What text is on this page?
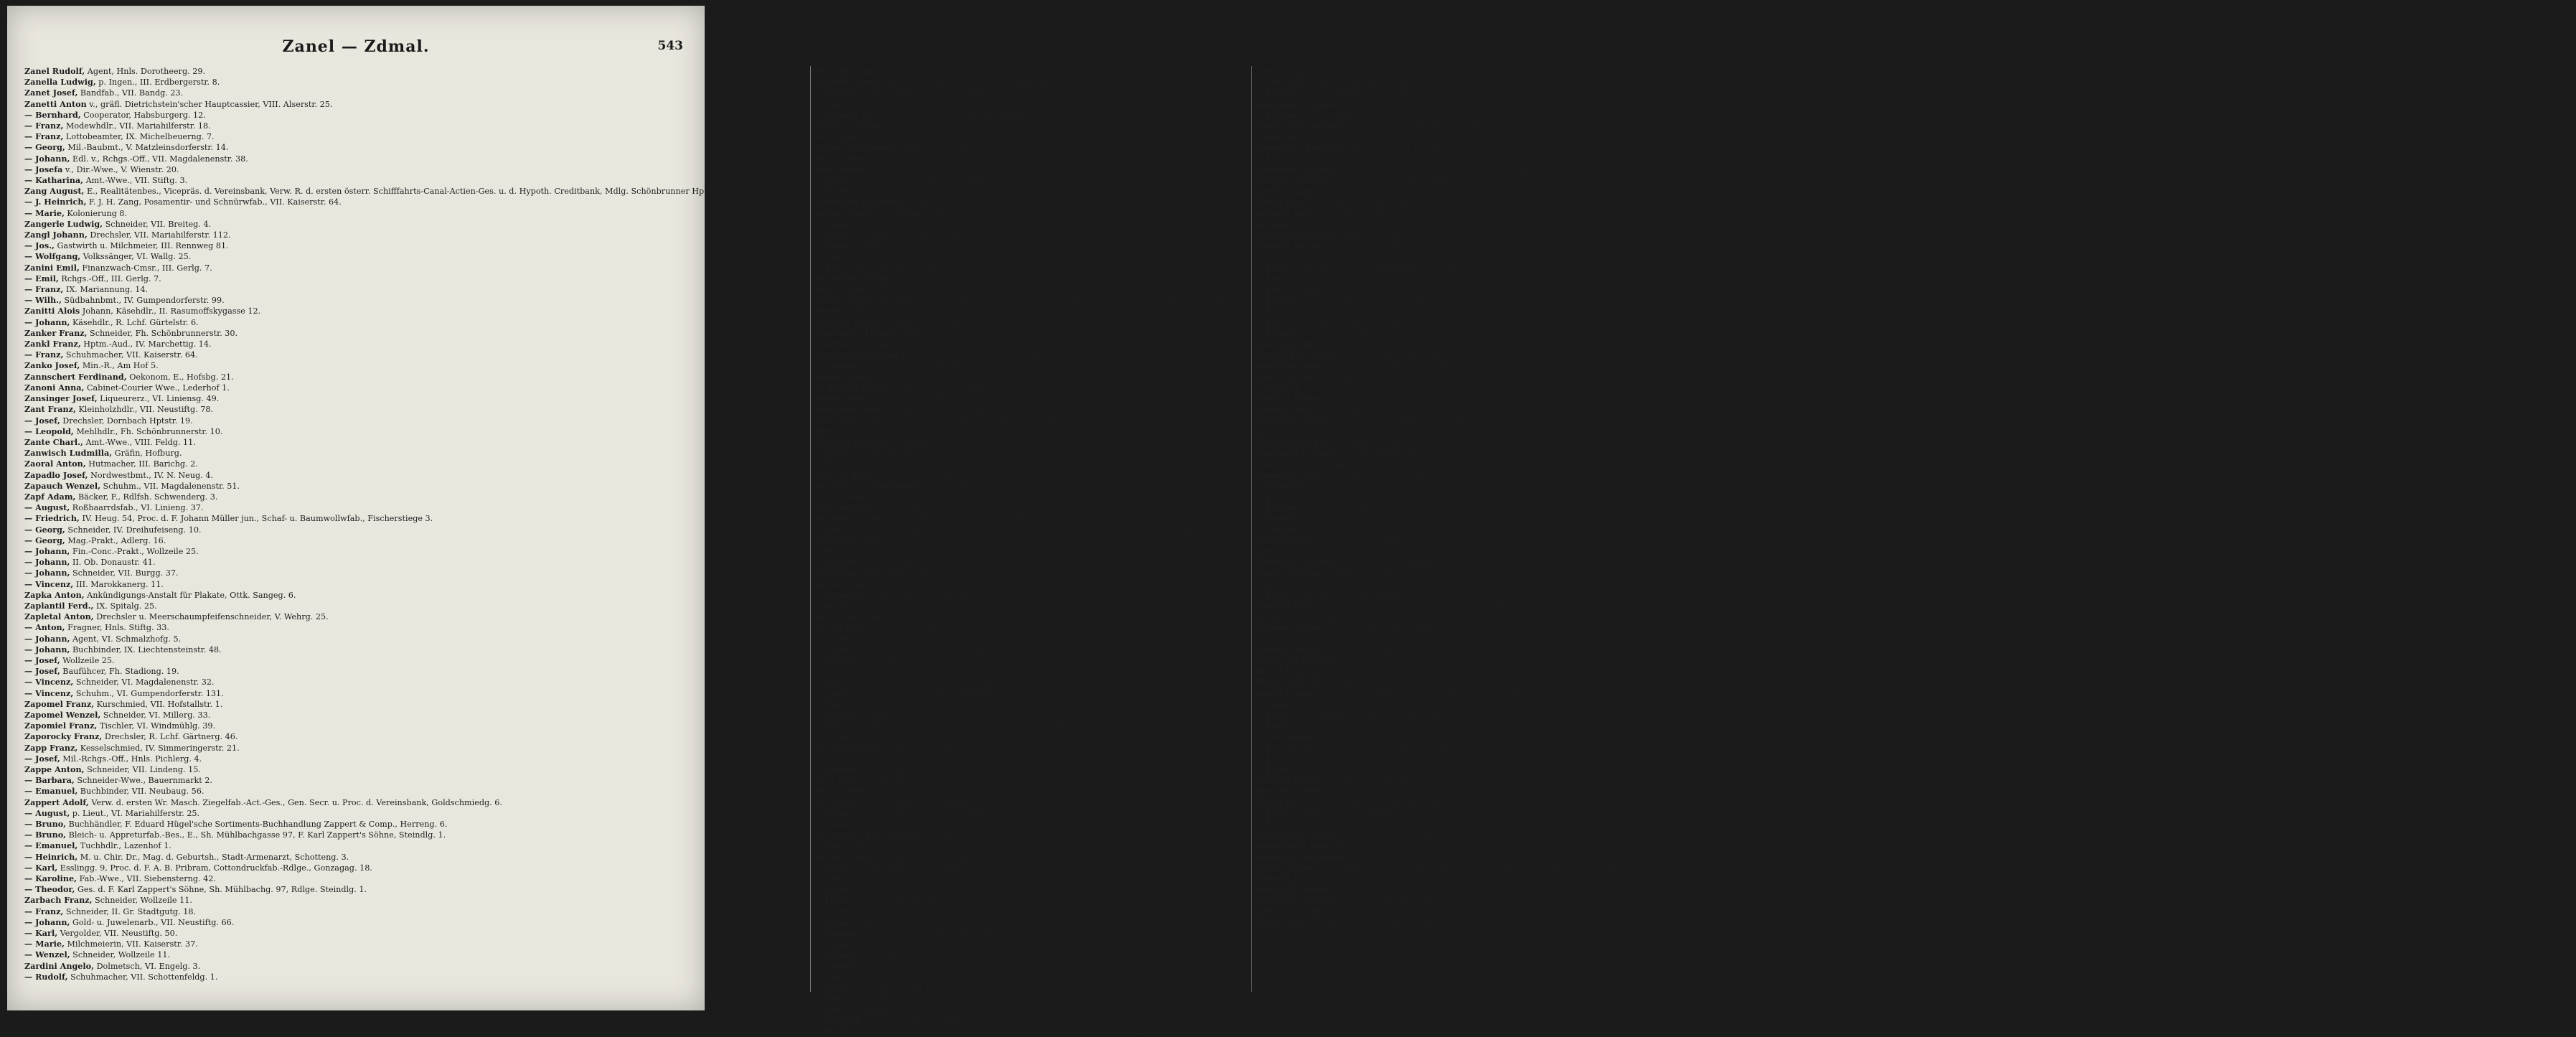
Zanel — Zdmal.	543
Zanel Rudolf, Agent, Hnls. Dorotheerg. 29.
Zanella Ludwig, p. Ingen., III. Erdbergerstr. 8.
Zanet Josef, Bandfab., VII. Bandg. 23.
Zanetti Anton v., gräfl. Dietrichstein'scher Hauptcassier, VIII. Alserstr. 25.
— Bernhard, Cooperator, Habsburgerg. 12.
— Franz, Modewhdlr., VII. Mariahilferstr. 18.
— Franz, Lottobeamter, IX. Michelbeuerng. 7.
— Georg, Mil.-Baubmt., V. Matzleinsdorferstr. 14.
— Johann, Edl. v., Rchgs.-Off., VII. Magdalenenstr. 38.
— Josefa v., Dir.-Wwe., V. Wienstr. 20.
— Katharina, Amt.-Wwe., VII. Stiftg. 3.
Zang August, E., Realitätenbes., Vicepräs. d. Vereinsbank, Verw. R. d. ersten österr. Schifffahrts-Canal-Actien-Ges. u. d. Hypoth. Creditbank, Mdlg. Schönbrunner Hptstr. 116 u. Johannesg. 7.
— J. Heinrich, F. J. H. Zang, Posamentir- und Schnürwfab., VII. Kaiserstr. 64.
— Marie, Kolonierung 8.
Zangerle Ludwig, Schneider, VII. Breiteg. 4.
Zangl Johann, Drechsler, VII. Mariahilferstr. 112.
— Jos., Gastwirth u. Milchmeier, III. Rennweg 81.
— Wolfgang, Volkssänger, VI. Wallg. 25.
Zanini Emil, Finanzwach-Cmsr., III. Gerlg. 7.
— Emil, Rchgs.-Off., III. Gerlg. 7.
— Franz, IX. Mariannung. 14.
— Wilh., Südbahnbmt., IV. Gumpendorferstr. 99.
Zanitti Alois Johann, Käsehdlr., II. Rasumoffskygasse 12.
— Johann, Käsehdlr., R. Lchf. Gürtelstr. 6.
Zanker Franz, Schneider, Fh. Schönbrunnerstr. 30.
Zankl Franz, Hptm.-Aud., IV. Marchettig. 14.
— Franz, Schuhmacher, VII. Kaiserstr. 64.
Zanko Josef, Min.-R., Am Hof 5.
Zannschert Ferdinand, Oekonom, E., Hofsbg. 21.
Zanoni Anna, Cabinet-Courier Wwe., Lederhof 1.
Zansinger Josef, Liqueurerz., VI. Liniensg. 49.
Zant Franz, Kleinholzhdlr., VII. Neustiftg. 78.
— Josef, Drechsler, Dornbach Hptstr. 19.
— Leopold, Mehlhdlr., Fh. Schönbrunnerstr. 10.
Zante Charl., Amt.-Wwe., VIII. Feldg. 11.
Zanwisch Ludmilla, Gräfin, Hofburg.
Zaoral Anton, Hutmacher, III. Barichg. 2.
Zapadlo Josef, Nordwestbmt., IV. N. Neug. 4.
Zapauch Wenzel, Schuhm., VII. Magdalenenstr. 51.
Zapf Adam, Bäcker, F., Rdlfsh. Schwenderg. 3.
— August, Roßhaarrdsfab., VI. Linieng. 37.
— Friedrich, IV. Heug. 54, Proc. d. F. Johann Müller jun., Schaf- u. Baumwollwfab., Fischerstiege 3.
— Georg, Schneider, IV. Dreihufeiseng. 10.
— Georg, Mag.-Prakt., Adlerg. 16.
— Johann, Fin.-Conc.-Prakt., Wollzeile 25.
— Johann, II. Ob. Donaustr. 41.
— Johann, Schneider, VII. Burgg. 37.
— Vincenz, III. Marokkanerg. 11.
Zapka Anton, Ankündigungs-Anstalt für Plakate, Ottk. Sangeg. 6.
Zaplantil Ferd., IX. Spitalg. 25.
Zapletal Anton, Drechsler u. Meerschaumpfeifenschneider, V. Wehrg. 25.
— Anton, Fragner, Hnls. Stiftg. 33.
— Johann, Agent, VI. Schmalzhofg. 5.
— Johann, Buchbinder, IX. Liechtensteinstr. 48.
— Josef, Wollzeile 25.
— Josef, Baufühcer, Fh. Stadiong. 19.
— Vincenz, Schneider, VI. Magdalenenstr. 32.
— Vincenz, Schuhm., VI. Gumpendorferstr. 131.
Zapomel Franz, Kurschmied, VII. Hofstallstr. 1.
Zapomel Wenzel, Schneider, VI. Millerg. 33.
Zapomiel Franz, Tischler, VI. Windmühlg. 39.
Zaporocky Franz, Drechsler, R. Lchf. Gärtnerg. 46.
Zapp Franz, Kesselschmied, IV. Simmeringerstr. 21.
— Josef, Mil.-Rchgs.-Off., Hnls. Pichlerg. 4.
Zappe Anton, Schneider, VII. Lindeng. 15.
— Barbara, Schneider-Wwe., Bauernmarkt 2.
— Emanuel, Buchbinder, VII. Neubaug. 56.
Zappert Adolf, Verw. d. ersten Wr. Masch. Ziegelfab.-Act.-Ges., Gen. Secr. u. Proc. d. Vereinsbank, Goldschmiedg. 6.
— August, p. Lieut., VI. Mariahilferstr. 25.
— Bruno, Buchhändler, F. Eduard Hügel'sche Sortiments-Buchhandlung Zappert & Comp., Herreng. 6.
— Bruno, Bleich- u. Appreturfab.-Bes., E., Sh. Mühlbachgasse 97, F. Karl Zappert's Söhne, Steindlg. 1.
— Emanuel, Tuchhdlr., Lazenhof 1.
— Heinrich, M. u. Chir. Dr., Mag. d. Geburtsh., Stadt-Armenarzt, Schotteng. 3.
— Karl, Esslingg. 9, Proc. d. F. A. B. Pribram, Cottondruckfab.-Rdlge., Gonzagag. 18.
— Karoline, Fab.-Wwe., VII. Siebensterng. 42.
— Theodor, Ges. d. F. Karl Zappert's Söhne, Sh. Mühlbachg. 97, Rdlge. Steindlg. 1.
Zarbach Franz, Schneider, Wollzeile 11.
— Franz, Schneider, II. Gr. Stadtgutg. 18.
— Johann, Gold- u. Juwelenarb., VII. Neustiftg. 66.
— Karl, Vergolder, VII. Neustiftg. 50.
— Marie, Milchmeierin, VII. Kaiserstr. 37.
— Wenzel, Schneider, Wollzeile 11.
Zardini Angelo, Dolmetsch, VI. Engelg. 3.
— Rudolf, Schuhmacher, VII. Schottenfeldg. 1.
Zarecky Franz, Kurzwhdlr., V. Ziegelofeng. 22.
Zaremba Anna, Edle v., Fin.-Secr.-Wwe., VII. Kirchbergg. 4.
— August, Kupferschmied, E., VI. Aegidig. 8.
— Joh., Baron, Legat.-R., VI. Kärntnerstr. 37.
— Johann, Rit. v., Lottoamts-Assist., VII. Kirchbergg. 4.
Zaritsch Stefan, Fleischselcher, Sh. Wehrg. 2.
Zarl Ignaz, Zimmermaler, R. Lchf. Brunng. 7.
Zarnen Ferdinand, Bahnbeamt., VII. Neubaug. 64.
Zarsky Franz, Anstreicher, IX. Höferg. 10.
Zart Johann, Agent, II. Konradg. 4.
— Josef, Musiklehrer, O. Döbl. Theresieng. 10.
— Peter, Uhrmacher, Ottk. Hptstr. 57.
Zartmann Heinrich, Bauzeichner, VIII. Schmiedg. 8.
Zaruba Adolf, Nordbahnbeamter, II. Circusg. 52.
— Anna, Müllerin, VI. Strohmaierg. 6.
— Anton, Schuhmacher, VII. Bandg. 41.
— Ignaz, Schuhmacher, Brgt. Greiseneckerg. 379.
— Karl, Gastwirth, VII. Johannesg. 28.
— Karl, Weber, Sh. Mühlbachg. 6.
Zaruschitz Filipp, Schlosser, R. Lchf. Hptstr. 4.
Zarzy Franz, E., VII. Schottenfeldg. 63.
Zasche Josef, Porzellan- u. Emailmaler, Emailleur u. Guillocheur, Augustinerstr. 8, G. Augustinerstraße 7.
Zaschka Franz, Schuhm., II. Weintraubeng. 10.
Zaschke Ignaz, Fragner, III. Rochusg. 4.
Zaschkoda Ludwig, Kaffeesieder, IV. Favoritenstr. 44.
Zaschkoda Ludw., Rauchfangkehrer, IV. Rainerg. 16.
Zaschzensky Adam Johann, Schuhmacher, IV. Siebenbrunneng. 33.
— Johann, Schuhmacher, IV. Gr. Neug. 24.
Zasko Anton, Schneider, IV. Belvederg. 4.
Zaslawsky Franz, Schneider, II. Blütheng. 19.
Zaspal Josef, Schlosser, Fh. Blüheng. 19.
Zasrapek Anna, Tabak-Trafik, VII. Kaiserstr. 52.
Zastaupil J., Maschin-Fortepiano-Fabrik, VI. Mariahilferstr. 67.
Zastawnikowitz Anna, Gen.-Wwe., III. Rochusg. 1.
Zastawa Johann, Schuhmacher, IV. Schäfferg. 2.
— Josef, E., Salmannsdorf 23.
Zastira Karl, Trödler, beeid. Schätzmeister, VIII. Lerchenfelderstr. 6.
Zatecky Karl, Jur. Dr., II. Beatrixg. 18.
Zatetzky v. Andelswald Franz, p. Hauptm., II. Pillersdorfg. 5.
Zatezti Stefan, Branntweiner, VI. Mittelg. 23.
Zatl Leopold, VIII. Langeg. 9.
Zatloukal Josef, Rchgs. Off., V. Margarethenstr. 64.
— Karl, Oberst-Auditor in der 4. Abth. d. Reichs-Kriegs-Mstm., R. d. eis. Kr. III. Cl., Operning 9.
Zatloukal Josef, Bahnbeamt., III. Lbstr. Hptstr. 28.
— Martin, Zeitungsagent, VII. Bandg. 7.
— Martin, Schuhmacher, Sh. Wehrg. 4.
Zatschka Alois, Wirthschaftsbesitzer, E., Rßd. 44.
Zaubek Anton, Glaser, O. Mdlg. Schönbrunner Hptstr. 148.
— Engelbert, Zuckerbäcker, Ottk. Hptstr. 34.
— Wenzel, Sattler, Ottk. Eisnerstr. 24.
Zauchinger Joh., Schneider f. D., III. Landstr. Hptstr. 13.
Zaufal Aug., Nordb.-Secr., VIII. Josefstädterstr. 46.
— Franz, Schlosser u. Trödler, IV. Favoritenstr. 46.
— Franz, Silberarbeiter, Whrg. Theresieng. 83.
— Johann, Hnls. Alsg. 6.
— Josef, Schneider f. D., II. Mayerg. 7.
— Josef, Vermischtwhdlr., Rdlfsh. Kircheng. 26.
— Josef Franz, Kanfbeamter, VIII. Buchfeldg. 18.
— Karl, Waaren-Emissi- u. Agentur-Gesch., F. C. B. Zaufal, Wollfischg. 12.
— Martin, Fragner, Gbzd. Krong. 5.
— Otto, Secr. der F. F. Famil. Fondsgüter-Dir., III. Landstr. Hptstr. 72.
— Victor, Buchhalter, Grünangerg. 7.
Zauhar Aloisia, Fragnerin, IV. Schaumburgerg. 13.
— Josef, Schuhm., III. Gärtnerg. 30.
— Robert, F., Gr. Adjt., VI. Gumpendorferstr. 75.
Zaul Anna, E., III. Hafeng. 3.
Zaula Mathias, Schuhmacher, IV. Goldegg. 27.
Zaum Jos., Uhrkettenfab., VII. Bandg. 41.
— Ferd., Lohnkutscher, VII. Schottenfeldg. 14.
— Friedrich, Commerzial-Tischler, VII. Schottenfeldgasse 14.
Zaunegger Karl, Buchhalter, Hnls. Hptstr. 38.
— Karl, Kaffeesieder, Brgt. 70.
Zauner Alois, Drechsler, Fh. Goldschlagstr. 26.
— Alois, Victualienhdlr., IV. Freundg. 2.
— Anton, Beamt. d. Boden-Creditanst., E., Whrg. Schulg. 23.
— Franz, Tischler, V. Matzleinsdorferstr. 17.
— Franz, Thierarzt, Krugerstr. 6.
— Georg, Wäscher, Unt. Mdlg. Schönbrunner Hptstr. 4 u. 6.
— Ignaz, Gastwirth, IV. Altbaug. 17.
— Johann, Geschäftsführer, III. Landstr. Hptstr. 135.
— Johann, Messerschmied, Hnls. Pfarrg. 5.
— Johann, Gastwirth, VIII. Mölkerg. 3.
— Johann, Gärtner, V. Siebenbrunneng. 58.
— Josef, IX. Prauerg. 13.
— Josef, E., Fragner, Ottk. Hptstr. 75.
— Karl, Buchhalter, III. Heumarkt 7.
— Karl, Schuhmacher, III. Ungarg. 1.
— Leopold, Schuhmacher, VII. Bandg. 11.
— Mathias Josef, Rchgsführer und Hausinspect. d. k. k. Gartenb.-Gesellsch., E., Parkring 12.
Zauner Mathias, Whrg. Schulg. 23.
— Michael, Fragner, Ottk. Leopoldig. 11.
— Rudolf, Hauptschullehrer, V. Bräuhausg. 6.
Zaunmüller Anton, Nordb.-Ingen., IV. Kollerg. 1.
— Johann, Tonkünstler, IX. Nußdorferstr. 2.
Zaunschirm Wilhelm, Aspirant der Südbahn, Unt. Mdlg. Pfarrg. 26.
Zausal Karl, akad. Maler, VII. Zollerg. 8.
Zauschner Eusebius, Oberamts-Off., III. Beatrixg. 6.
— F., Metall-Druckwarenfab., VI. Webg. 8.
Zausinger Franziska, Woll- u. Zwirnhändlerin, V. Siebenbrunneng. 17.
Zausner Markus, Handelsagent, II. Kl. Schiffg. 4.
Zauß Johann, Drechsler, Gbzd. Krong. 6.
Zauza Josef, Goldarb., VII. Ziegelerg. 69.
Zavaros Mich., Apothek, IV. Hundsthurmerstr. 113.
Zavisitz Severin, M. u. Chir. Dr., Ehren-Mitgl. d. belg. Lebensrett.-Ges., Seitenstetteng. 5. (1—3).
Zawadecki Johann, Agent, II. Gerig. 5.
Zawadil Anton, Tischler, II. Miesbachg. 10.
— E., Nibelungeng. 2, Rdlge. d. k. k. priv. mechan. Papierfab. z. Jmst, Blumenstockg. 5.
— Ferd., Poliz. Ob.-Cmsr., V. Hundsthurmerstr. 49.
— Franz, Ingen. Assist. d. Carl Ludwig Bahn, Getreidemarkt 24.
— Joh., Schuhm. f. D., VIII. Lerchenfelderstr. 83.
— Johann, Schuhmacher, Smrg. Geiselbergstr. 413.
— Karl, Bahnbeamter, VII. Bandg. 54.
— Karl, Zuckerbäcker, II. Praterstr. 33.
— Rudolf, p. k. k. Major, VI. Engelg. 8.
Zawadzki Rich., Land. Ger. R. im Justiz-Mstm., IV. Karolsg. 5.
Zawalichek Anton, Schuhmacher, Hnls. Annag. 7.
Zawerlits Anton, Schlosser, V. Reinprechtsdorferstraße 12.
Zawessky Josef, Musiker, IV. Blechthurmg. 4.
— Wenzel, Musiker, IV. Blechthurmg. 4.
Zawirka Leopold, Gärtner, Smrg. Dorfg. 70.
Zawisch Felix, Clavierhdlr., Kohlmarkt 24.
Zawischa Ernest, Privatbmt., IX. Währingerstr. 10.
Zawislak St., Früchtehdlr., V. Schwarzhorng. 7.
Zawistowsky Joh., p. Hptm., III. Lbstr. Hptstr. 52.
Zawodnik Claudine, VI. Mariahilferstr. 89.
Zawodowitsch Kaspar, Tischler, Brgt. Greiseneckergasse 380.
Zawodsky Alois, Tischler, Whrg. Herrng. 57.
— Heinrich, Adv. Kanzlist, IX. D'Orsayg. 12.
— Jakob, k. k. Post-Off., II. Odeong. 1.
— Johann, Bandmacher, Hnls. Ottakringerstr. 15.
— Rudolf, Postbeamter, IV. Kettenbrückeng. 1.
— Vincenz, Director, IV. Heumühlg. 19.
Zawora Josef, Post-Off., VII. Sigmundsg. 1.
Zaworka Anton, Fuhrmann, Smrg. Kanalg. 7.
Zaworski Apollinar, Rit. v., VI. Esterhazyg. 4.
Zawrel Johann, Tischler, V. Garteng. 4.
— Josef, Schuhmacher, Smrg. Hptstr. 306.
— Josef, Fellfärber, U. Mdlg. Bonng. 11.
Zawrzel Franz, herzogl. Coburg'scher Wirthschafts-R., Besitzer d. Coburg'schen Haus-O., E., IV. Wienstr. 23.
Zay Josef, Priv. Ingen., IV. Panigig. 17.
Zazimal Anton, Schuhmacher, VIII. Lammg. 7.
— Franz, Sattler, II. Ob. Donaustr. 51.
Zazuka Stefan, Comptoirist, Fleischmarkt 8.
Zazworka Wenzel, Schneider, Fh. Mostg. 37.
Zbiral Johann, Hutmacher, VII. Schottenfeldg. 73.
Zbiser Wolf, Handelsbesitzer, II. Praterstr. 32.
Zboril Franz, Feilhauer, IV. Waagg. 13, F. F. J. Zboril & Co., Rdlge. IV. Wiedn. Hptstr. 2.
— Franz, Riemer u. Peitschenfab., VII. Mariahilferstraße 46 u. 48.
— Franz, k. k. Finanzbmt., IV. Unt. Alleeg. 21.
— Franz, Ges. d. F. J. Zboril, IV. Wdn. Hptstr. 2.
— Franziska, Futteralmacherin, VI. Gumpendorferstraße 70.
— F., Lederhdlr., IV. Waagg. 13, IV. Wiedner Hptstr. 2.
— Jakob, IV. Wienstr. 21, Chef d. F. J. Zboril, Verw. R. d. Wr. Spar- u. Credit-Cassa, Rdlge. der Rossitzer Eisenhütten-Gewerkschaft, d. k. k. priv. Eibiswalder Stahl- u. Eisenwerke, Vertr. der Vorderberg-Köflacher Montan-Industrie-Ges., d. Friedrichsdorfer Zeughütten-Actien-Ges., IV. Wiedn. Hptstr. 2 u. Ges. d. F. Zboril & Co.
— Josef, Nordwestbahn-Beamter, IV. Paniglg. 20.
Zbornik Franz, Schuhmacher, IX. Bmr. Str. 38.
Zborowski Julian, Ingen. Assist. d. Westbahn, VI. Schönbrunnerstr. 10.
Zboril Joh., Schuhmacher, V. Matzleinsdorferstr. 9.
— Josef, Vermischtwhdlr., Rdlfsh. Palmg. 12.
— Urban, Tischler, V. Siebenbrunneng. 49.
Zbytiewski Markus, Buchhalter, Singerstr. 7.
Zbyszewsky Karl, Rit. v., k. k. Statthalterei-R., IV. Wiedn. Hptstr. 47.
Zdabinsky Raimund, Bildhauer, IV. Grüng. 21.
Zdanel Anton, k. k. Hptm. im Artill. Comit., Bes. d. Mil. Wdstkz., III. Landstr. Hptstr. 68.
Zdarsky Joh., Hauptschullehrer, II. Josefineng. 12.
Zdarzil Wendelin, Schuhm., IV. Theresianumg. 31.
Zdekauer Conrad, Rit. v., Jur. Dr., VII. Siebensterng. 34.
Zdenka v. Zahrowsky Gustav, k. k. Oberlieut. a. Dienst, Neuer Markt 9.
Zdmal Ther., Schneiderin, III. Landstr. Hptstr. 58.
